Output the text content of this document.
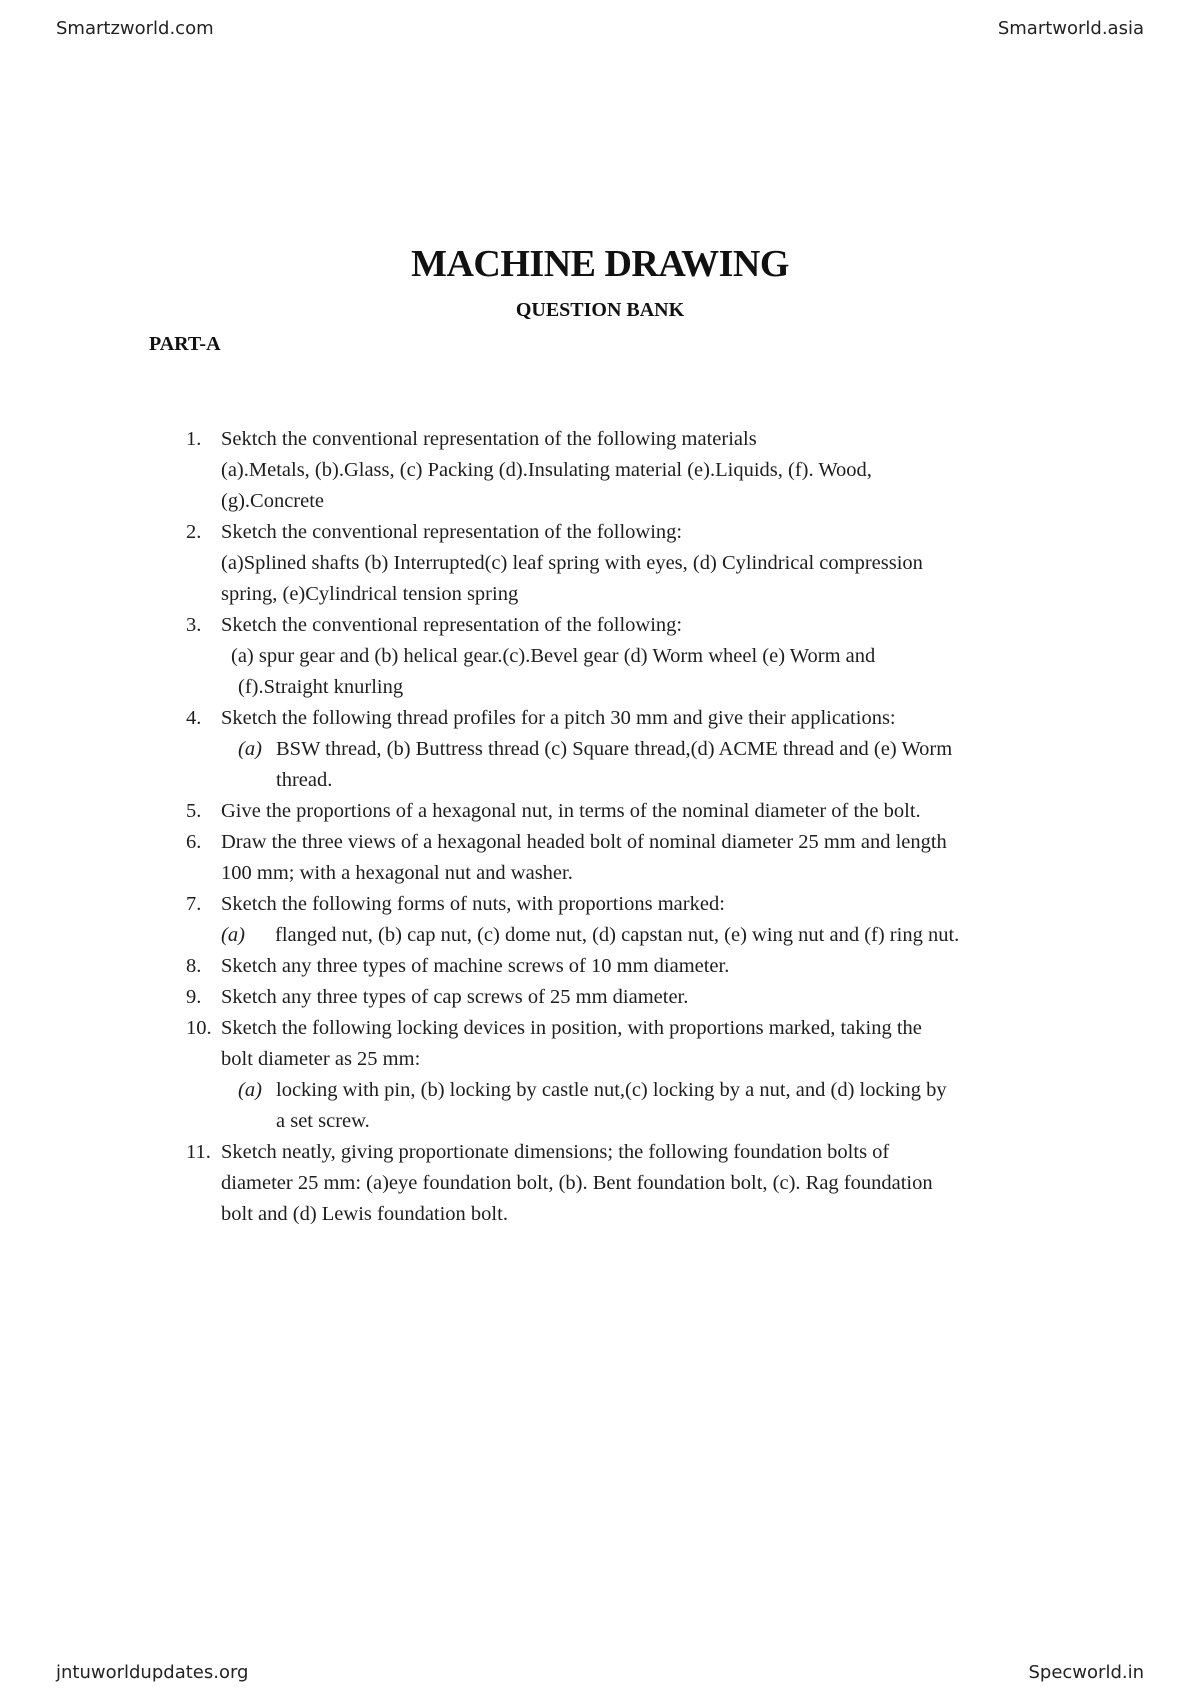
Smartzworld.com	Smartworld.asia
MACHINE DRAWING
QUESTION BANK
PART-A
1. Sektch the conventional representation of the following materials
(a).Metals, (b).Glass, (c) Packing (d).Insulating material (e).Liquids, (f). Wood,
(g).Concrete
2. Sketch the conventional representation of the following:
(a)Splined shafts (b) Interrupted(c) leaf spring with eyes, (d) Cylindrical compression
spring, (e)Cylindrical tension spring
3. Sketch the conventional representation of the following:
(a) spur gear and (b) helical gear.(c).Bevel gear (d) Worm wheel (e) Worm and
(f).Straight knurling
4. Sketch the following thread profiles for a pitch 30 mm and give their applications:
(a) BSW thread, (b) Buttress thread (c) Square thread,(d) ACME thread and (e) Worm
thread.
5. Give the proportions of a hexagonal nut, in terms of the nominal diameter of the bolt.
6. Draw the three views of a hexagonal headed bolt of nominal diameter 25 mm and length
100 mm; with a hexagonal nut and washer.
7. Sketch the following forms of nuts, with proportions marked:
(a)	flanged nut, (b) cap nut, (c) dome nut, (d) capstan nut, (e) wing nut and (f) ring nut.
8. Sketch any three types of machine screws of 10 mm diameter.
9. Sketch any three types of cap screws of 25 mm diameter.
10. Sketch the following locking devices in position, with proportions marked, taking the
bolt diameter as 25 mm:
(a) locking with pin, (b) locking by castle nut,(c) locking by a nut, and (d) locking by
a set screw.
11. Sketch neatly, giving proportionate dimensions; the following foundation bolts of
diameter 25 mm: (a)eye foundation bolt, (b). Bent foundation bolt, (c). Rag foundation
bolt and (d) Lewis foundation bolt.
jntuworldupdates.org	Specworld.in
